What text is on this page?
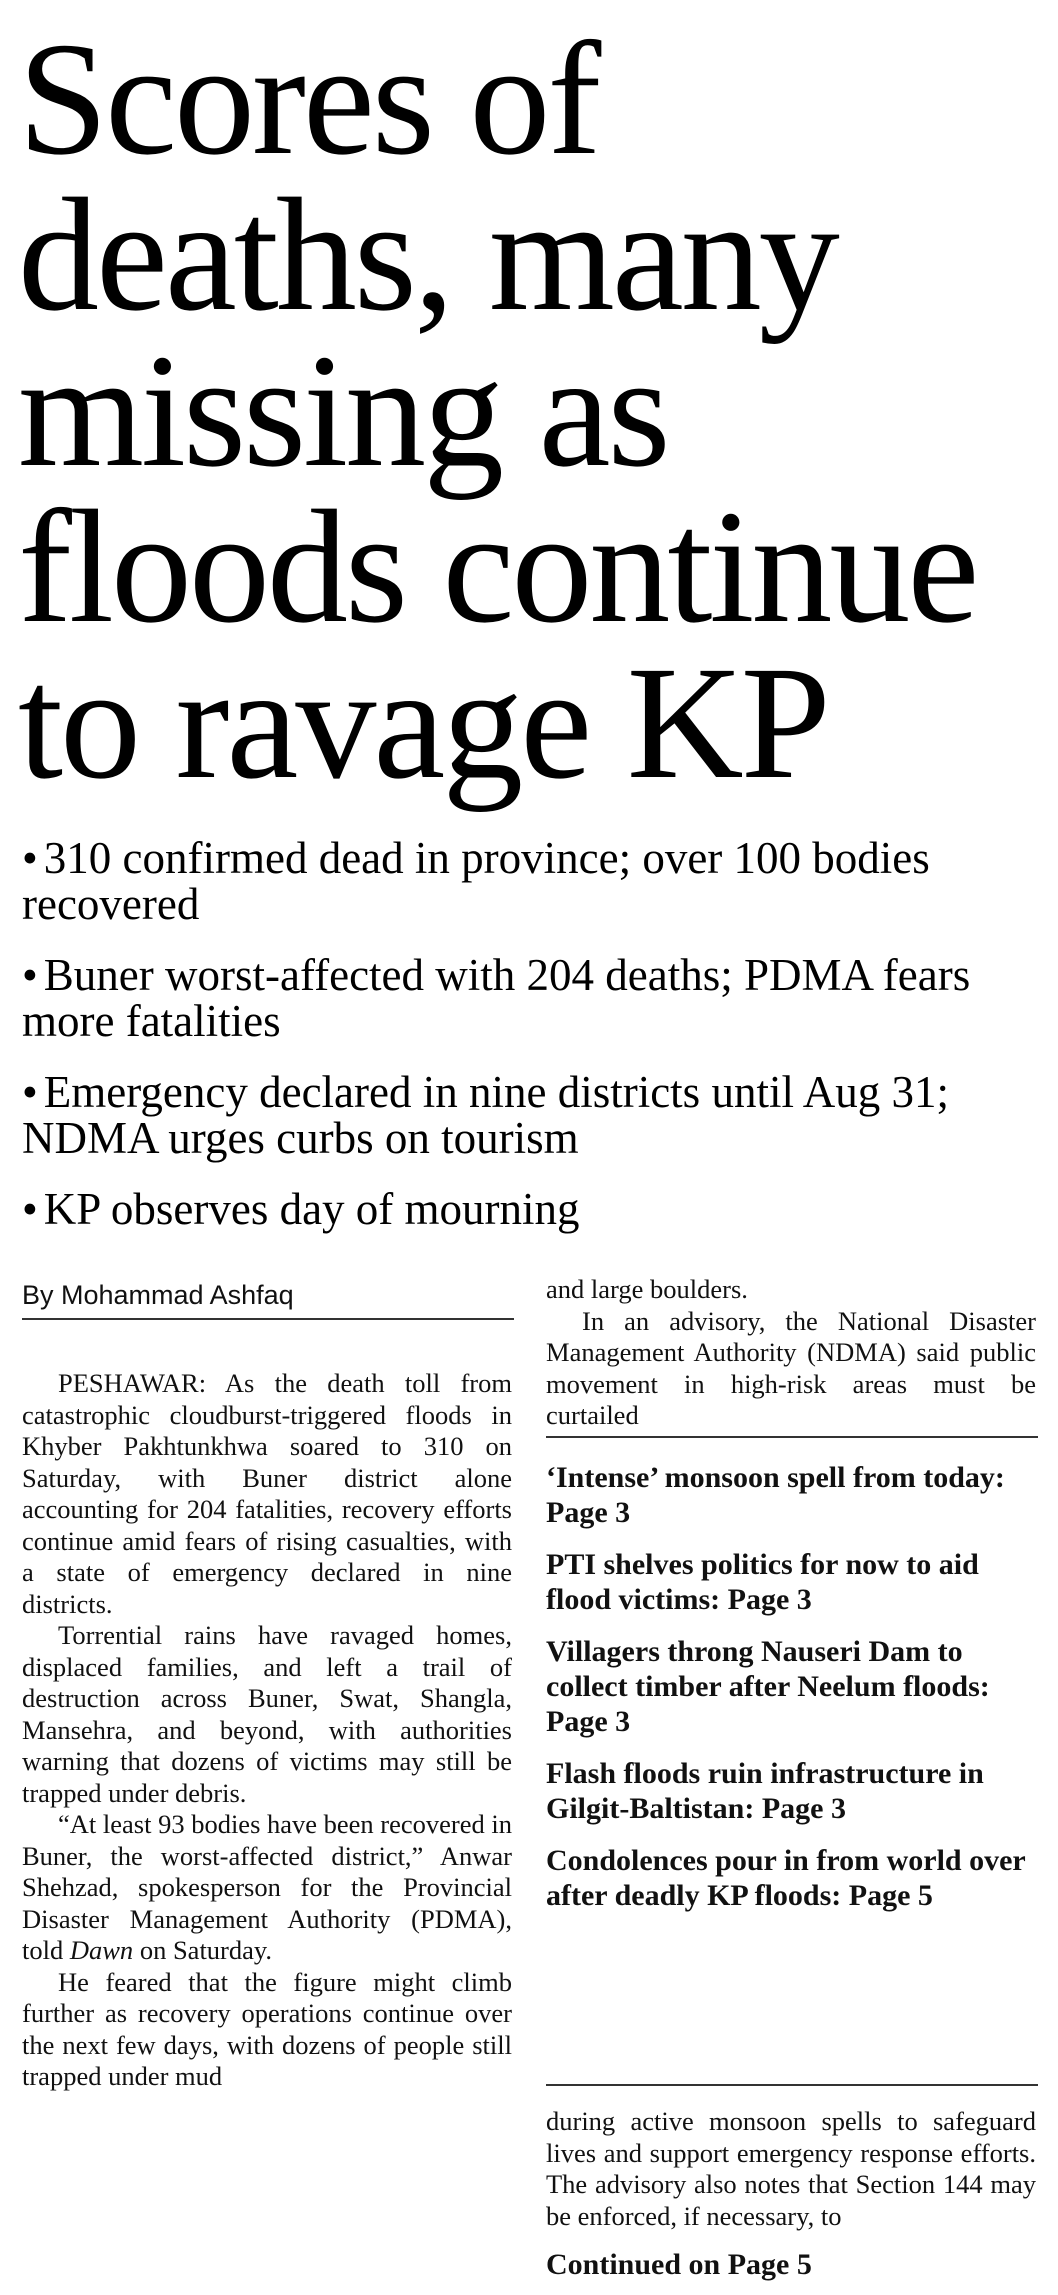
Scores of
deaths, many
missing as
floods continue
to ravage KP
• 310 confirmed dead in province; over 100 bodies recovered
• Buner worst-affected with 204 deaths; PDMA fears more fatalities
• Emergency declared in nine districts until Aug 31; NDMA urges curbs on tourism
• KP observes day of mourning

By Mohammad Ashfaq

PESHAWAR: As the death toll from catastrophic cloudburst-triggered floods in Khyber Pakhtunkhwa soared to 310 on Saturday, with Buner district alone accounting for 204 fatalities, recovery efforts continue amid fears of rising casualties, with a state of emergency declared in nine districts.

Torrential rains have ravaged homes, displaced families, and left a trail of destruction across Buner, Swat, Shangla, Mansehra, and beyond, with authorities warning that dozens of victims may still be trapped under debris.

“At least 93 bodies have been recovered in Buner, the worst-affected district,” Anwar Shehzad, spokesperson for the Provincial Disaster Management Authority (PDMA), told Dawn on Saturday.

He feared that the figure might climb further as recovery operations continue over the next few days, with dozens of people still trapped under mud

and large boulders.

In an advisory, the National Disaster Management Authority (NDMA) said public movement in high-risk areas must be curtailed

‘Intense’ monsoon spell from today: Page 3
PTI shelves politics for now to aid flood victims: Page 3
Villagers throng Nauseri Dam to collect timber after Neelum floods: Page 3
Flash floods ruin infrastructure in Gilgit-Baltistan: Page 3
Condolences pour in from world over after deadly KP floods: Page 5

during active monsoon spells to safeguard lives and support emergency response efforts. The advisory also notes that Section 144 may be enforced, if necessary, to

Continued on Page 5
